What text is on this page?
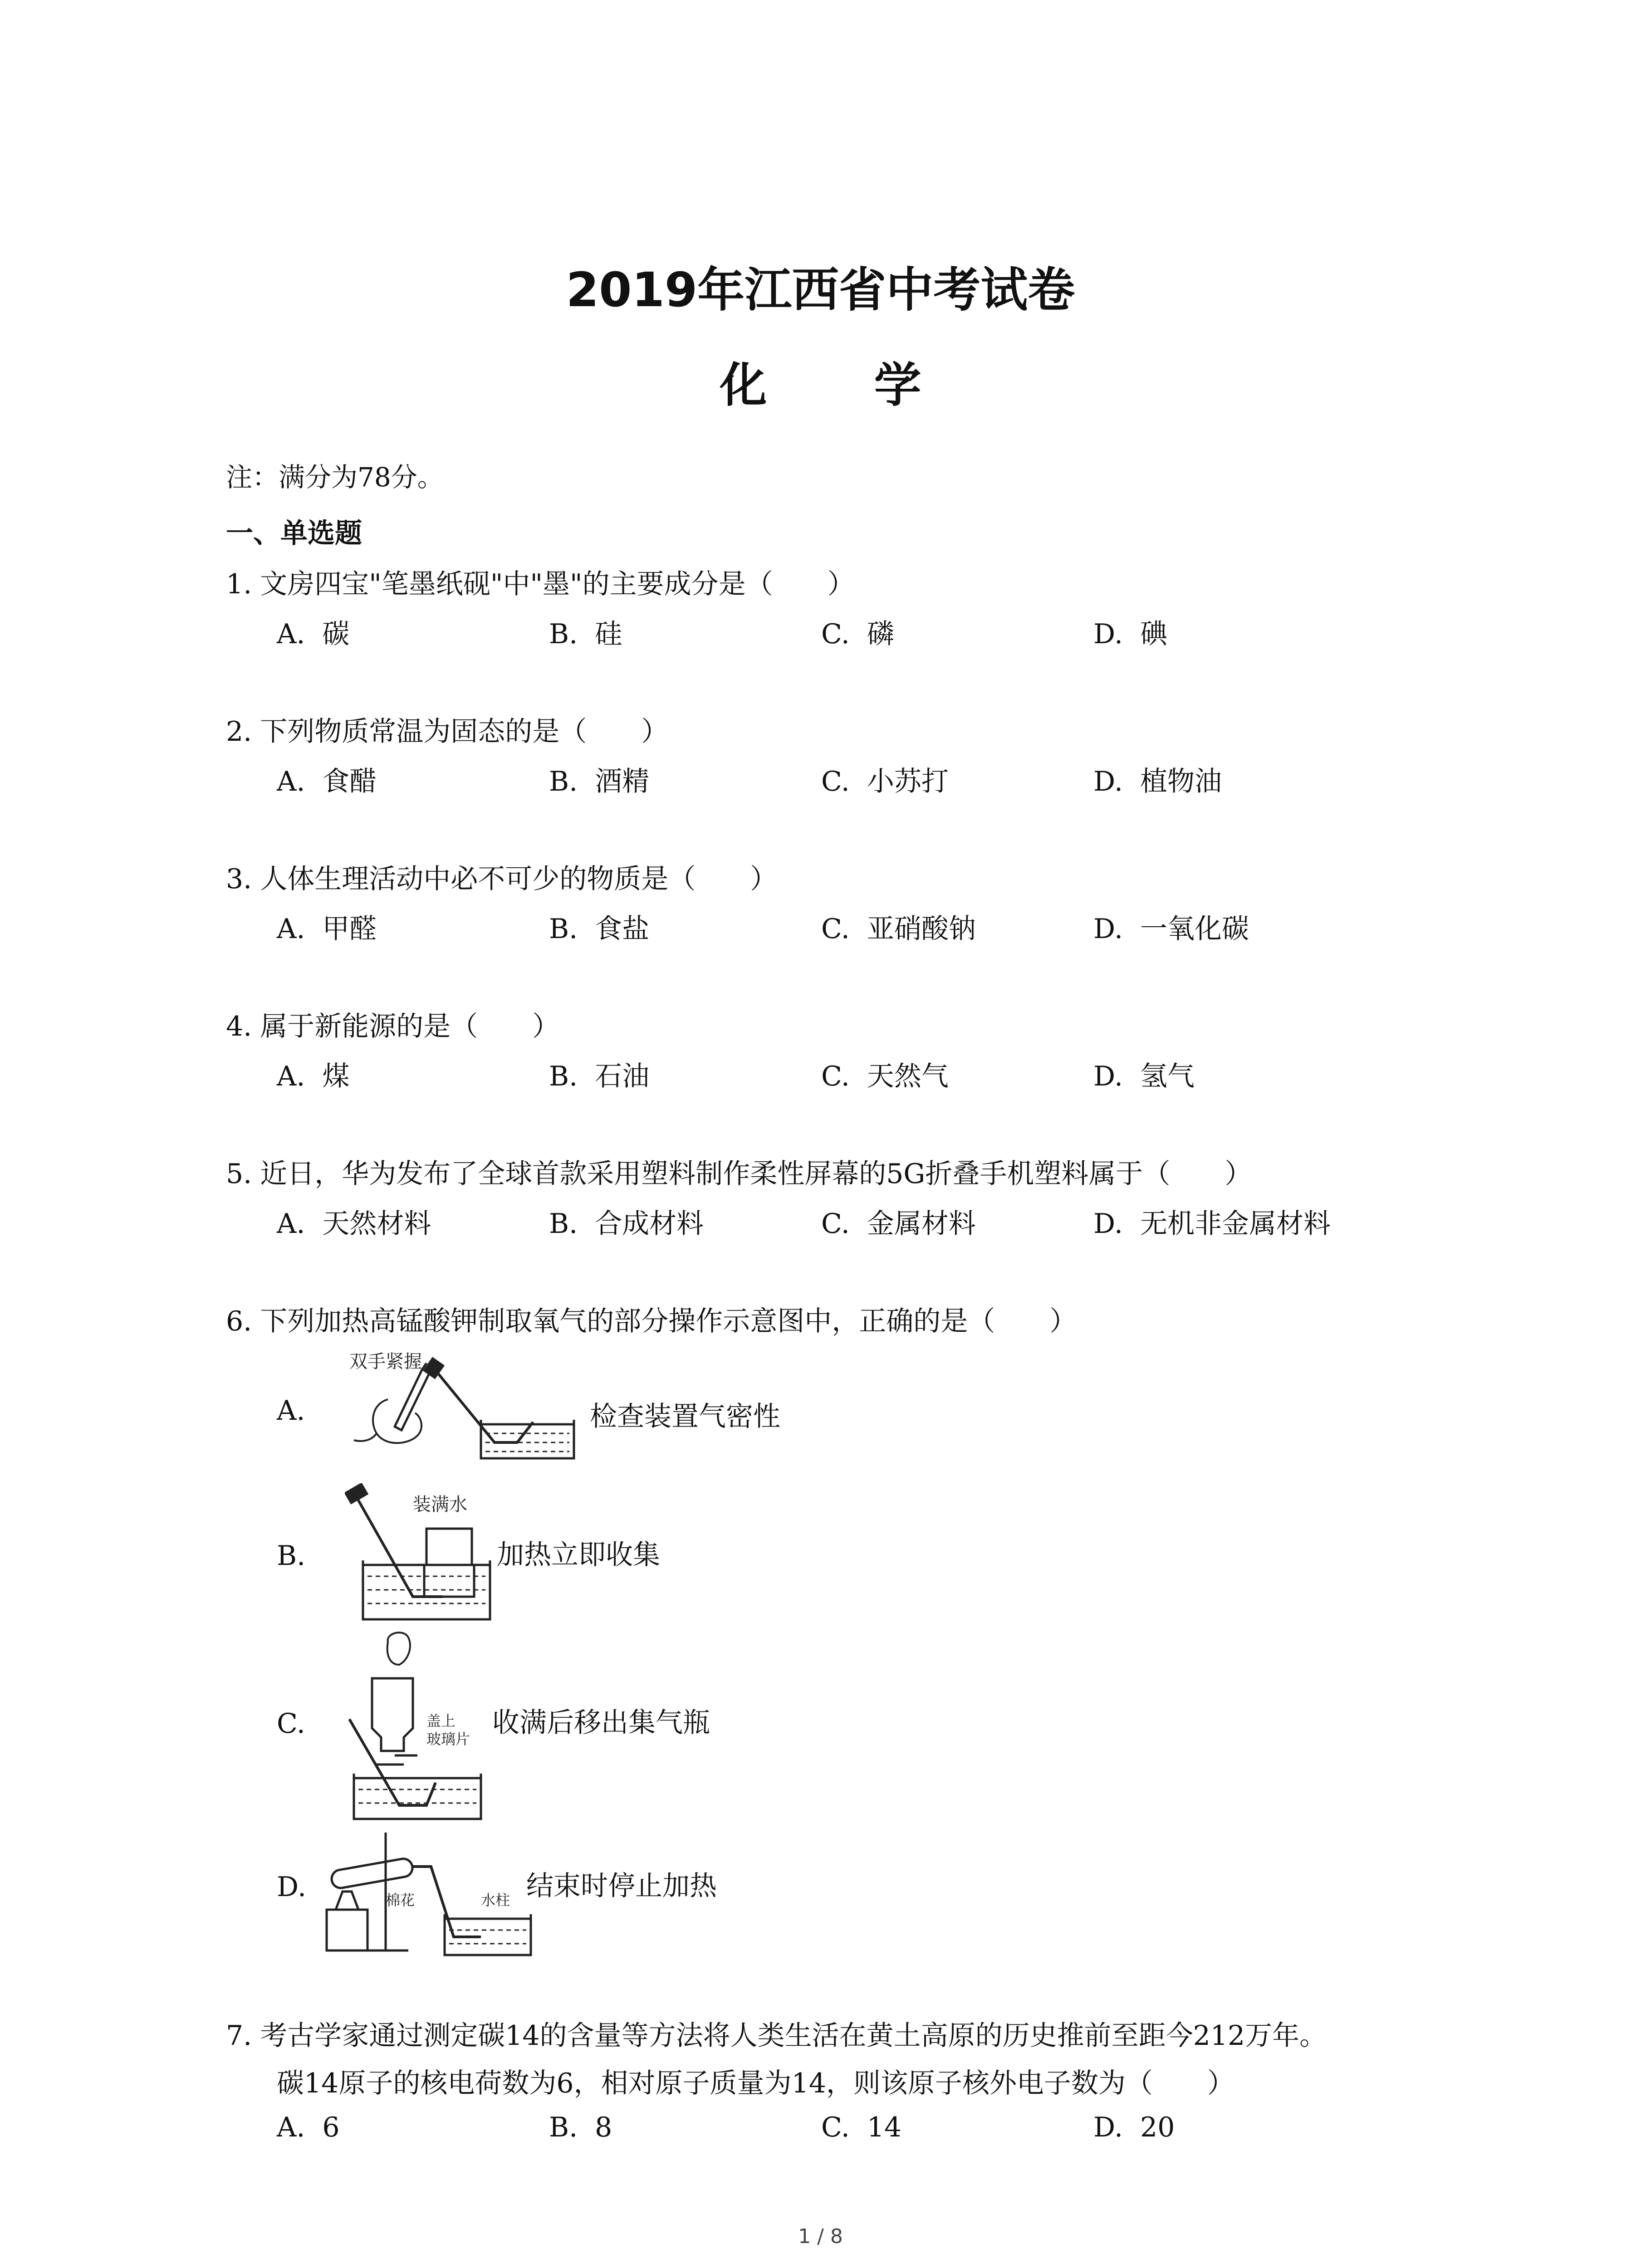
2019年江西省中考试卷
化 学
注：满分为78分。
一、单选题
1. 文房四宝"笔墨纸砚"中"墨"的主要成分是（　　）
A. 碳	B. 硅	C. 磷	D. 碘
2. 下列物质常温为固态的是（　　）
A. 食醋	B. 酒精	C. 小苏打	D. 植物油
3. 人体生理活动中必不可少的物质是（　　）
A. 甲醛	B. 食盐	C. 亚硝酸钠	D. 一氧化碳
4. 属于新能源的是（　　）
A. 煤	B. 石油	C. 天然气	D. 氢气
5. 近日，华为发布了全球首款采用塑料制作柔性屏幕的5G折叠手机塑料属于（　　）
A. 天然材料	B. 合成材料	C. 金属材料	D. 无机非金属材料
6. 下列加热高锰酸钾制取氧气的部分操作示意图中，正确的是（　　）
A.
双手紧握
检查装置气密性
B.
装满水
加热立即收集
C.	盖上
玻璃片
收满后移出集气瓶
D.	棉花	水柱 结束时停止加热
7. 考古学家通过测定碳14的含量等方法将人类生活在黄土高原的历史推前至距今212万年。
碳14原子的核电荷数为6，相对原子质量为14，则该原子核外电子数为（　　）
A. 6	B. 8	C. 14	D. 20
1 / 8
